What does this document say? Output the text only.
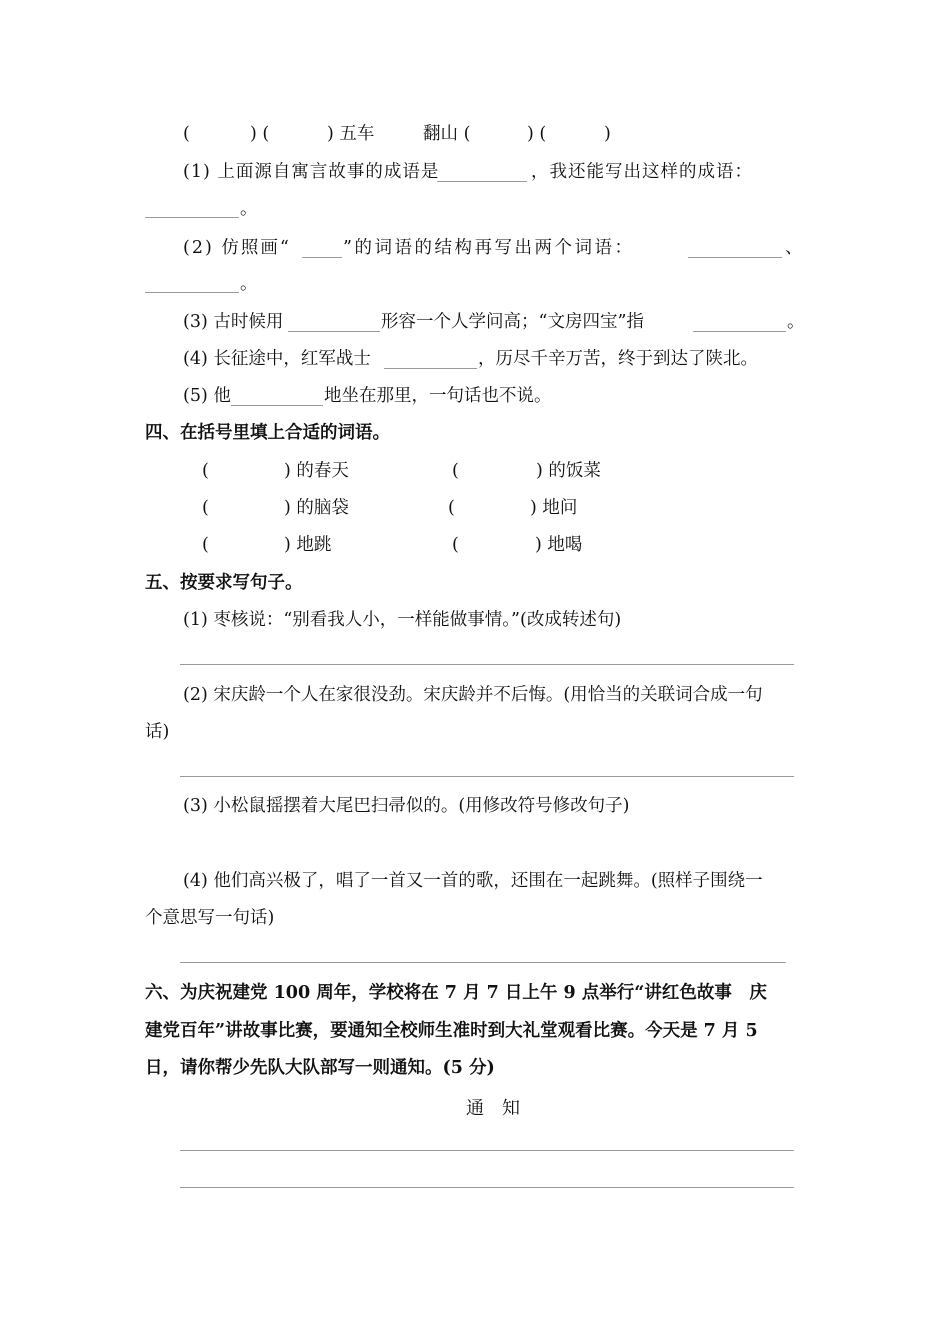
(	) (	) 五车	翻山 (	) (	)
(1) 上面源自寓言故事的成语是	，我还能写出这样的成语：
。
(2) 仿照画“	”的词语的结构再写出两个词语：	、
。
(3) 古时候用	形容一个人学问高；“文房四宝”指	。
(4) 长征途中，红军战士	，历尽千辛万苦，终于到达了陕北。
(5) 他	地坐在那里，一句话也不说。
四、在括号里填上合适的词语。
(	) 的春天	(	) 的饭菜
(	) 的脑袋	(	) 地问
(	) 地跳	(	) 地喝
五、按要求写句子。
(1) 枣核说：“别看我人小，一样能做事情。”(改成转述句)
(2) 宋庆龄一个人在家很没劲。宋庆龄并不后悔。(用恰当的关联词合成一句
话)
(3) 小松鼠摇摆着大尾巴扫帚似的。(用修改符号修改句子)
(4) 他们高兴极了，唱了一首又一首的歌，还围在一起跳舞。(照样子围绕一
个意思写一句话)
六、为庆祝建党 100 周年，学校将在 7 月 7 日上午 9 点举行“讲红色故事　庆
建党百年”讲故事比赛，要通知全校师生准时到大礼堂观看比赛。今天是 7 月 5
日，请你帮少先队大队部写一则通知。(5 分)
通　知
